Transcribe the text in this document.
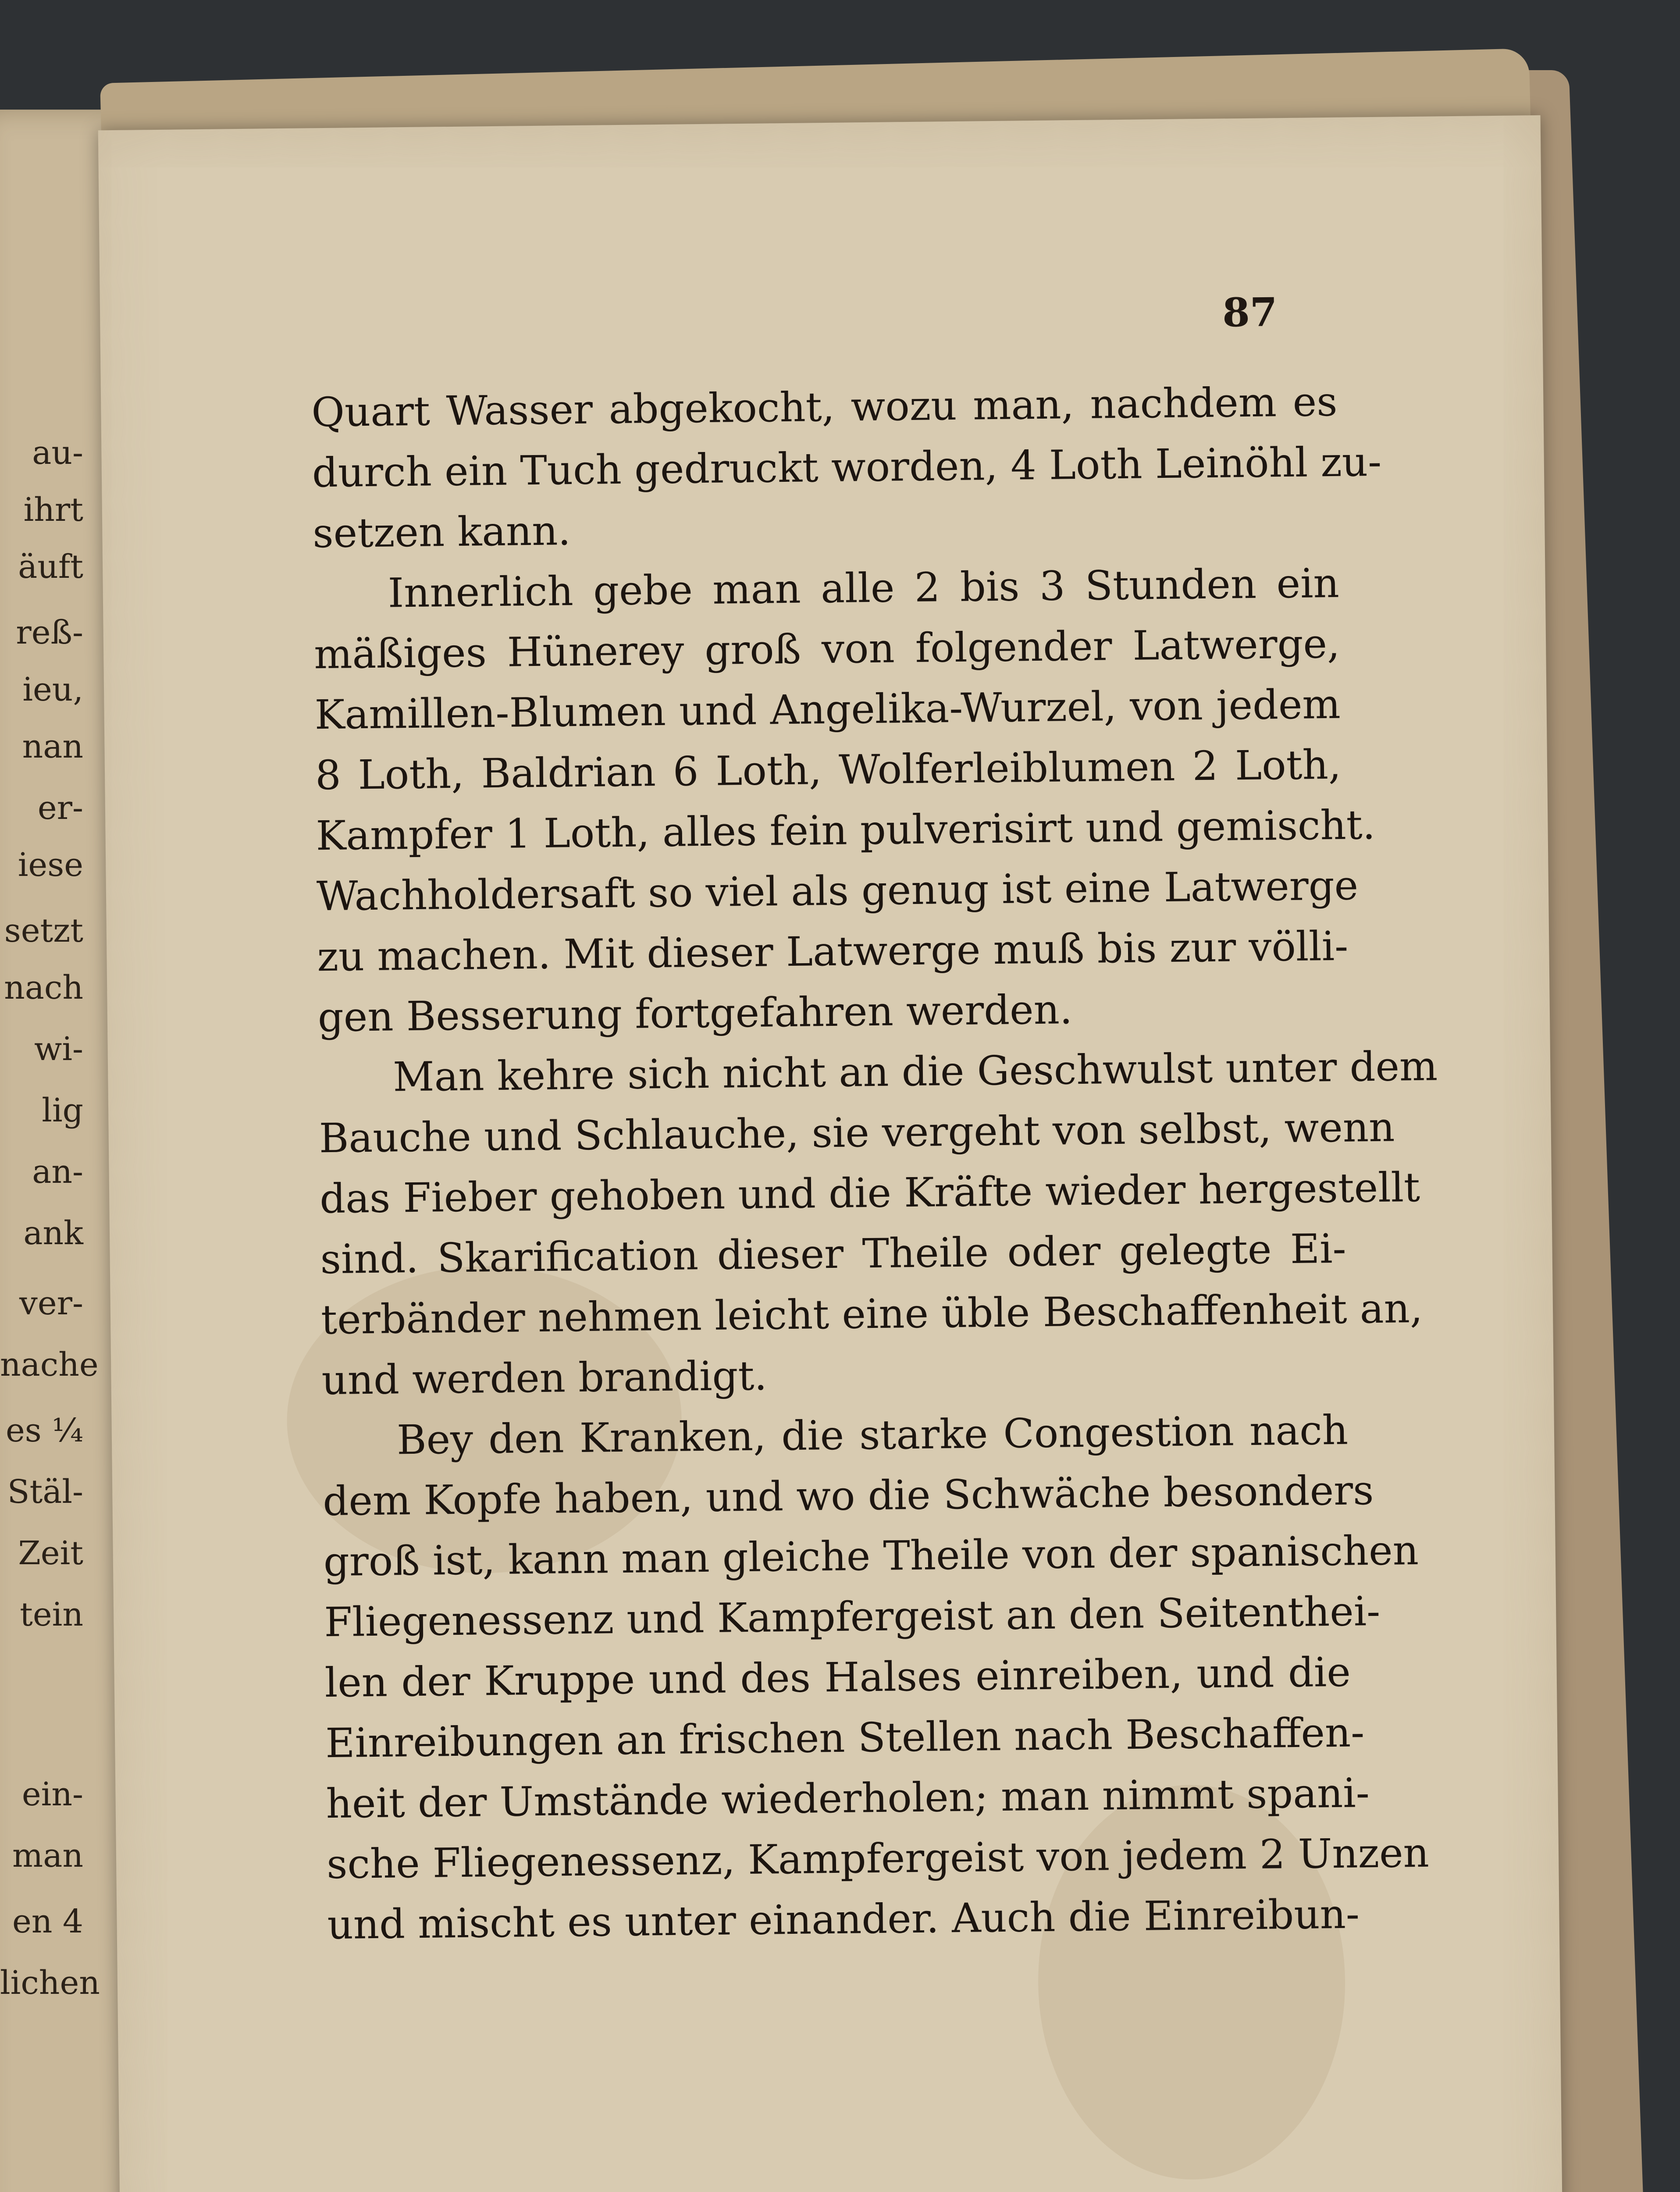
au-
ihrt
äuft
reß-
ieu,
nan
er-
iese
setzt
nach
wi-
lig
an-
ank
ver-
nache
es ¼
Stäl-
Zeit
tein
ein-
man
en 4
lichen
87
Quart Wasser abgekocht, wozu man, nachdem es
durch ein Tuch gedruckt worden, 4 Loth Leinöhl zu-
setzen kann.
Innerlich gebe man alle 2 bis 3 Stunden ein
mäßiges Hünerey groß von folgender Latwerge,
Kamillen-Blumen und Angelika-Wurzel, von jedem
8 Loth, Baldrian 6 Loth, Wolferleiblumen 2 Loth,
Kampfer 1 Loth, alles fein pulverisirt und gemischt.
Wachholdersaft so viel als genug ist eine Latwerge
zu machen. Mit dieser Latwerge muß bis zur völli-
gen Besserung fortgefahren werden.
Man kehre sich nicht an die Geschwulst unter dem
Bauche und Schlauche, sie vergeht von selbst, wenn
das Fieber gehoben und die Kräfte wieder hergestellt
sind. Skarification dieser Theile oder gelegte Ei-
terbänder nehmen leicht eine üble Beschaffenheit an,
und werden brandigt.
Bey den Kranken, die starke Congestion nach
dem Kopfe haben, und wo die Schwäche besonders
groß ist, kann man gleiche Theile von der spanischen
Fliegenessenz und Kampfergeist an den Seitenthei-
len der Kruppe und des Halses einreiben, und die
Einreibungen an frischen Stellen nach Beschaffen-
heit der Umstände wiederholen; man nimmt spani-
sche Fliegenessenz, Kampfergeist von jedem 2 Unzen
und mischt es unter einander. Auch die Einreibun-
